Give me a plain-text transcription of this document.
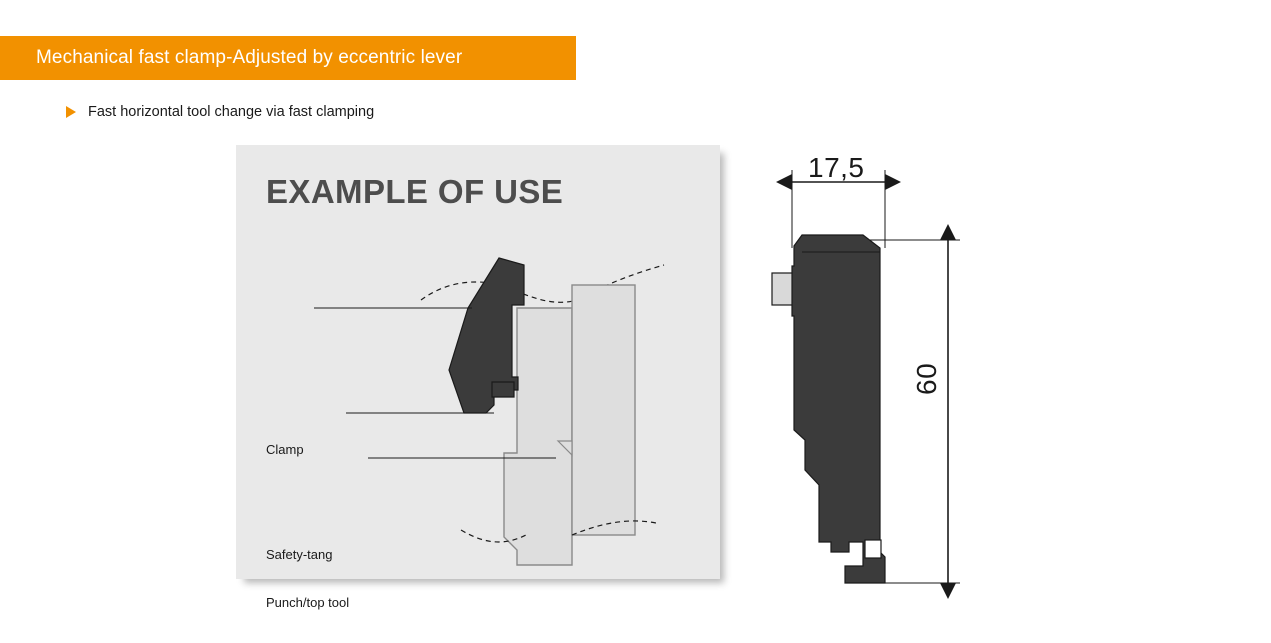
Mechanical fast clamp-Adjusted by eccentric lever
Fast horizontal tool change via fast clamping
EXAMPLE OF USE
Clamp
Safety-tang
Punch/top tool
17,5
60
